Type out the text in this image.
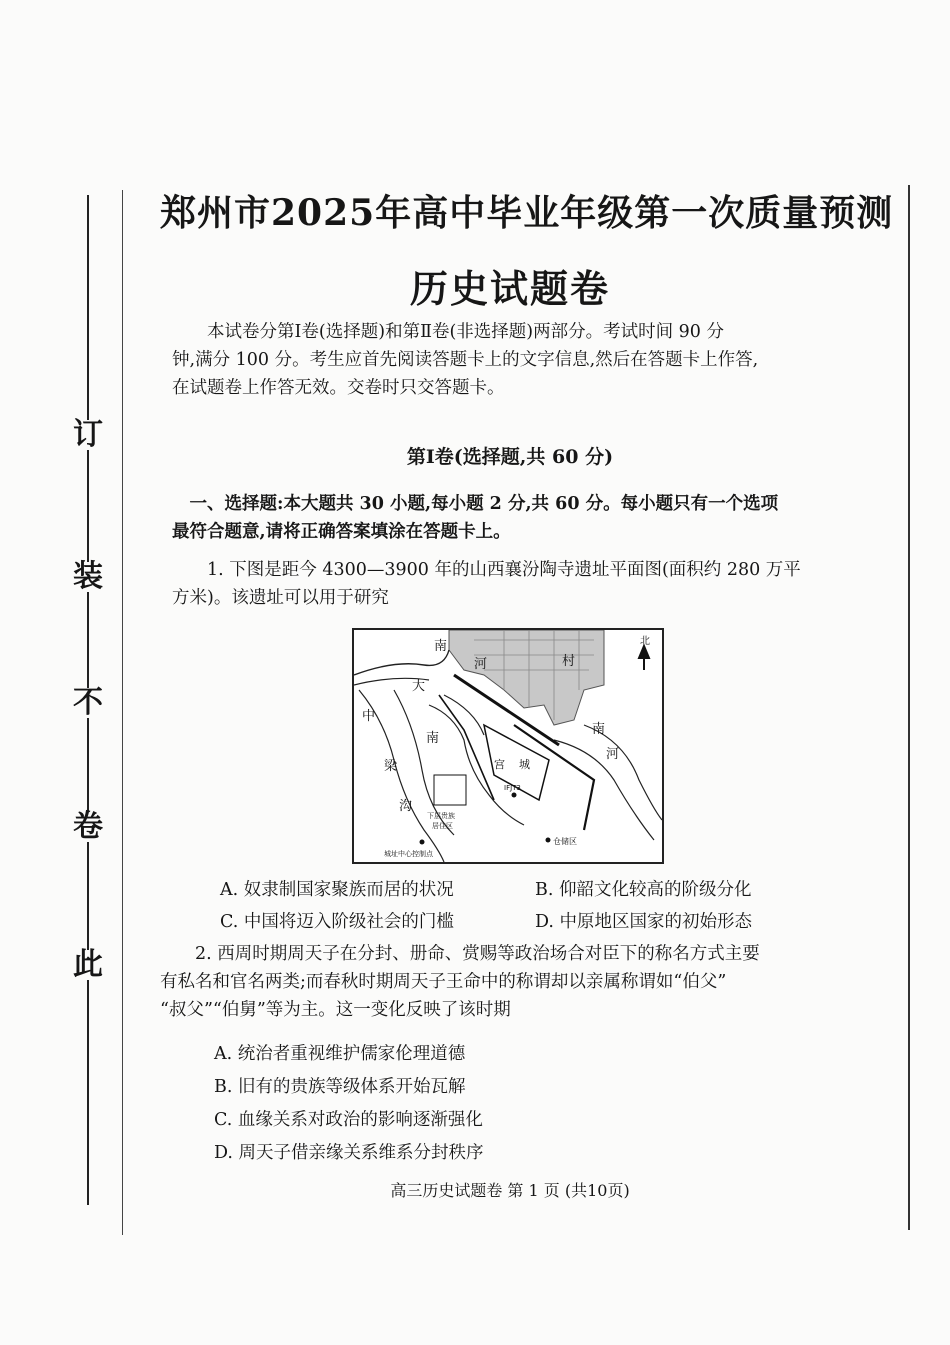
订
装
不
卷
此
郑州市2025年高中毕业年级第一次质量预测
历史试题卷

本试卷分第Ⅰ卷(选择题)和第Ⅱ卷(非选择题)两部分。考试时间 90 分

钟,满分 100 分。考生应首先阅读答题卡上的文字信息,然后在答题卡上作答,

在试题卷上作答无效。交卷时只交答题卡。

第Ⅰ卷(选择题,共 60 分)
一、选择题:本大题共 30 小题,每小题 2 分,共 60 分。每小题只有一个选项
最符合题意,请将正确答案填涂在答题卡上。
1. 下图是距今 4300—3900 年的山西襄汾陶寺遗址平面图(面积约 280 万平
方米)。该遗址可以用于研究
北
南
河	村
大
中
梁
沟
南
宫 城
南
河
下层贵族
居住区
IFJT3
城址中心控制点
仓储区
A. 奴隶制国家聚族而居的状况	B. 仰韶文化较高的阶级分化
C. 中国将迈入阶级社会的门槛	D. 中原地区国家的初始形态
2. 西周时期周天子在分封、册命、赏赐等政治场合对臣下的称名方式主要
有私名和官名两类;而春秋时期周天子王命中的称谓却以亲属称谓如“伯父”
“叔父”“伯舅”等为主。这一变化反映了该时期
A. 统治者重视维护儒家伦理道德
B. 旧有的贵族等级体系开始瓦解
C. 血缘关系对政治的影响逐渐强化
D. 周天子借亲缘关系维系分封秩序
高三历史试题卷 第 1 页 (共10页)
